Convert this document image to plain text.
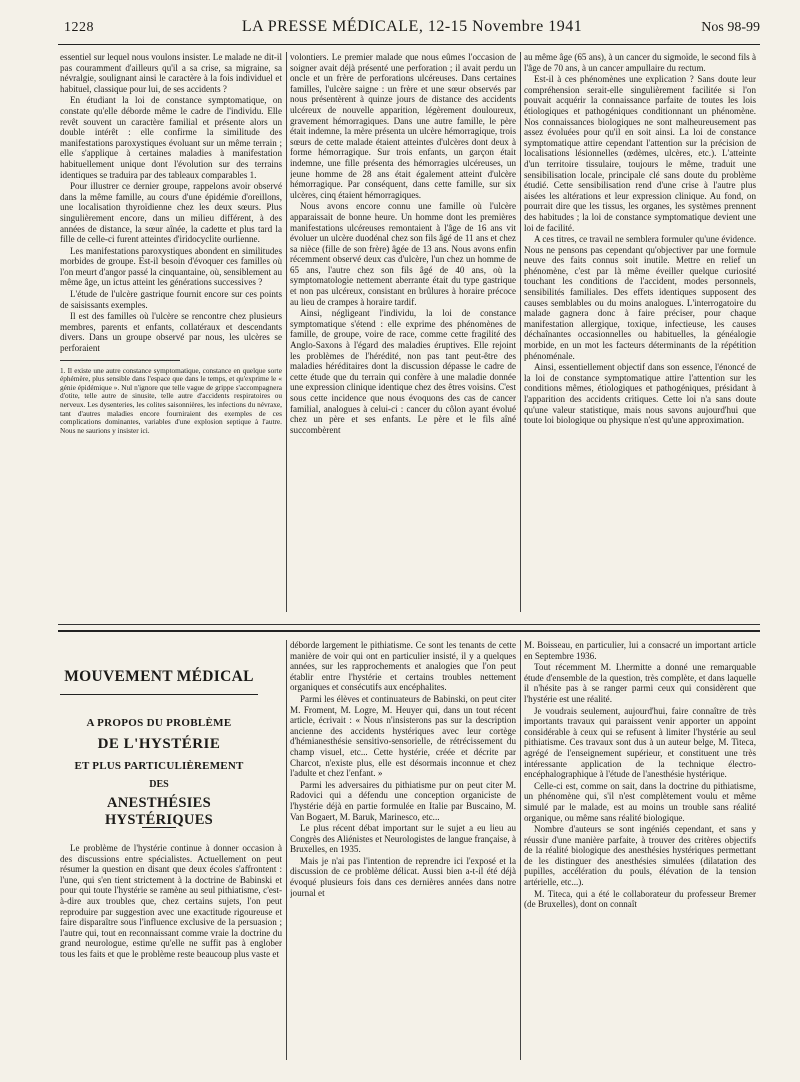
1228	LA PRESSE MÉDICALE, 12-15 Novembre 1941	Nos 98-99

essentiel sur lequel nous voulons insister. Le malade ne dit-il pas couramment d'ailleurs qu'il a sa crise, sa migraine, sa névralgie, soulignant ainsi le caractère à la fois individuel et habituel, classique pour lui, de ses accidents ?

En étudiant la loi de constance symptomatique, on constate qu'elle déborde même le cadre de l'individu. Elle revêt souvent un caractère familial et présente alors un double intérêt : elle confirme la similitude des manifestations paroxystiques évoluant sur un même terrain ; elle s'applique à certaines maladies à manifestation habituellement unique dont l'évolution sur des terrains identiques se traduira par des tableaux comparables 1.

Pour illustrer ce dernier groupe, rappelons avoir observé dans la même famille, au cours d'une épidémie d'oreillons, une localisation thyroïdienne chez les deux sœurs. Plus singulièrement encore, dans un milieu différent, à des années de distance, la sœur aînée, la cadette et plus tard la fille de celle-ci furent atteintes d'iridocyclite ourlienne.

Les manifestations paroxystiques abondent en similitudes morbides de groupe. Est-il besoin d'évoquer ces familles où l'on meurt d'angor passé la cinquantaine, où, sensiblement au même âge, un ictus atteint les générations successives ?

L'étude de l'ulcère gastrique fournit encore sur ces points de saisissants exemples.

Il est des familles où l'ulcère se rencontre chez plusieurs membres, parents et enfants, collatéraux et descendants divers. Dans un groupe observé par nous, les ulcères se perforaient

1. Il existe une autre constance symptomatique, constance en quelque sorte éphémère, plus sensible dans l'espace que dans le temps, et qu'exprime le « génie épidémique ». Nul n'ignore que telle vague de grippe s'accompagnera d'otite, telle autre de sinusite, telle autre d'accidents respiratoires ou nerveux. Les dysenteries, les colites saisonnières, les infections du névraxe, tant d'autres maladies encore fourniraient des exemples de ces complications dominantes, variables d'une explosion septique à l'autre. Nous ne saurions y insister ici.

volontiers. Le premier malade que nous eûmes l'occasion de soigner avait déjà présenté une perforation ; il avait perdu un oncle et un frère de perforations ulcéreuses. Dans certaines familles, l'ulcère saigne : un frère et une sœur observés par nous présentèrent à quinze jours de distance des accidents ulcéreux de nouvelle apparition, légèrement douloureux, gravement hémorragiques. Dans une autre famille, le père était indemne, la mère présenta un ulcère hémorragique, trois sœurs de cette malade étaient atteintes d'ulcères dont deux à forme hémorragique. Sur trois enfants, un garçon était indemne, une fille présenta des hémorragies ulcéreuses, un jeune homme de 28 ans était également atteint d'ulcère hémorragique. Par conséquent, dans cette famille, sur six ulcères, cinq étaient hémorragiques.

Nous avons encore connu une famille où l'ulcère apparaissait de bonne heure. Un homme dont les premières manifestations ulcéreuses remontaient à l'âge de 16 ans vit évoluer un ulcère duodénal chez son fils âgé de 11 ans et chez sa nièce (fille de son frère) âgée de 13 ans. Nous avons enfin récemment observé deux cas d'ulcère, l'un chez un homme de 65 ans, l'autre chez son fils âgé de 40 ans, où la symptomatologie nettement aberrante était du type gastrique et non pas ulcéreux, consistant en brûlures à horaire précoce au lieu de crampes à horaire tardif.

Ainsi, négligeant l'individu, la loi de constance symptomatique s'étend : elle exprime des phénomènes de famille, de groupe, voire de race, comme cette fragilité des Anglo-Saxons à l'égard des maladies éruptives. Elle rejoint les problèmes de l'hérédité, non pas tant peut-être des maladies héréditaires dont la discussion dépasse le cadre de cette étude que du terrain qui confère à une maladie donnée une expression clinique identique chez des êtres voisins. C'est sous cette incidence que nous évoquons des cas de cancer familial, analogues à celui-ci : cancer du côlon ayant évolué chez un père et ses enfants. Le père et le fils aîné succombèrent

au même âge (65 ans), à un cancer du sigmoïde, le second fils à l'âge de 70 ans, à un cancer ampullaire du rectum.

Est-il à ces phénomènes une explication ? Sans doute leur compréhension serait-elle singulièrement facilitée si l'on pouvait acquérir la connaissance parfaite de toutes les lois étiologiques et pathogéniques conditionnant un phénomène. Nos connaissances biologiques ne sont malheureusement pas assez évoluées pour qu'il en soit ainsi. La loi de constance symptomatique attire cependant l'attention sur la précision de localisations lésionnelles (œdèmes, ulcères, etc.). L'atteinte d'un territoire tissulaire, toujours le même, traduit une sensibilisation locale, principale clé sans doute du problème étudié. Cette sensibilisation rend d'une crise à l'autre plus aisées les altérations et leur expression clinique. Au fond, on pourrait dire que les tissus, les organes, les systèmes prennent des habitudes ; la loi de constance symptomatique devient une loi de facilité.

A ces titres, ce travail ne semblera formuler qu'une évidence. Nous ne pensons pas cependant qu'objectiver par une formule neuve des faits connus soit inutile. Mettre en relief un phénomène, c'est par là même éveiller quelque curiosité touchant les conditions de l'accident, modes personnels, sensibilités familiales. Des effets identiques supposent des causes semblables ou du moins analogues. L'interrogatoire du malade gagnera donc à faire préciser, pour chaque manifestation allergique, toxique, infectieuse, les causes déchaînantes occasionnelles ou habituelles, la généalogie morbide, en un mot les facteurs déterminants de la répétition phénoménale.

Ainsi, essentiellement objectif dans son essence, l'énoncé de la loi de constance symptomatique attire l'attention sur les conditions mêmes, étiologiques et pathogéniques, présidant à l'apparition des accidents critiques. Cette loi n'a sans doute qu'une valeur statistique, mais nous savons aujourd'hui que toute loi biologique ou physique n'est qu'une approximation.

MOUVEMENT MÉDICAL
A PROPOS DU PROBLÈME
DE L'HYSTÉRIE
ET PLUS PARTICULIÈREMENT
DES
ANESTHÉSIES HYSTÉRIQUES

Le problème de l'hystérie continue à donner occasion à des discussions entre spécialistes. Actuellement on peut résumer la question en disant que deux écoles s'affrontent : l'une, qui s'en tient strictement à la doctrine de Babinski et pour qui toute l'hystérie se ramène au seul pithiatisme, c'est-à-dire aux troubles que, chez certains sujets, l'on peut reproduire par suggestion avec une exactitude rigoureuse et faire disparaître sous l'influence exclusive de la persuasion ; l'autre qui, tout en reconnaissant comme vraie la doctrine du grand neurologue, estime qu'elle ne suffit pas à englober tous les faits et que le problème reste beaucoup plus vaste et

déborde largement le pithiatisme. Ce sont les tenants de cette manière de voir qui ont en particulier insisté, il y a quelques années, sur les rapprochements et analogies que l'on peut établir entre l'hystérie et certains troubles nettement organiques et consécutifs aux encéphalites.

Parmi les élèves et continuateurs de Babinski, on peut citer M. Froment, M. Logre, M. Heuyer qui, dans un tout récent article, écrivait : « Nous n'insisterons pas sur la description ancienne des accidents hystériques avec leur cortège d'hémianesthésie sensitivo-sensorielle, de rétrécissement du champ visuel, etc... Cette hystérie, créée et décrite par Charcot, n'existe plus, elle est désormais inconnue et chez l'adulte et chez l'enfant. »

Parmi les adversaires du pithiatisme pur on peut citer M. Radovici qui a défendu une conception organiciste de l'hystérie déjà en partie formulée en Italie par Buscaino, M. Van Bogaert, M. Baruk, Marinesco, etc...

Le plus récent débat important sur le sujet a eu lieu au Congrès des Aliénistes et Neurologistes de langue française, à Bruxelles, en 1935.

Mais je n'ai pas l'intention de reprendre ici l'exposé et la discussion de ce problème délicat. Aussi bien a-t-il été déjà évoqué plusieurs fois dans ces dernières années dans notre journal et

M. Boisseau, en particulier, lui a consacré un important article en Septembre 1936.

Tout récemment M. Lhermitte a donné une remarquable étude d'ensemble de la question, très complète, et dans laquelle il n'hésite pas à se ranger parmi ceux qui considèrent que l'hystérie est une réalité.

Je voudrais seulement, aujourd'hui, faire connaître de très importants travaux qui paraissent venir apporter un appoint considérable à ceux qui se refusent à limiter l'hystérie au seul pithiatisme. Ces travaux sont dus à un auteur belge, M. Titeca, agrégé de l'enseignement supérieur, et constituent une très intéressante application de la technique électro-encéphalographique à l'étude de l'anesthésie hystérique.

Celle-ci est, comme on sait, dans la doctrine du pithiatisme, un phénomène qui, s'il n'est complètement voulu et même simulé par le malade, est au moins un trouble sans réalité organique, ou même sans réalité biologique.

Nombre d'auteurs se sont ingéniés cependant, et sans y réussir d'une manière parfaite, à trouver des critères objectifs de la réalité biologique des anesthésies hystériques permettant de les distinguer des anesthésies simulées (dilatation des pupilles, accélération du pouls, élévation de la tension artérielle, etc...).

M. Titeca, qui a été le collaborateur du professeur Bremer (de Bruxelles), dont on connaît
